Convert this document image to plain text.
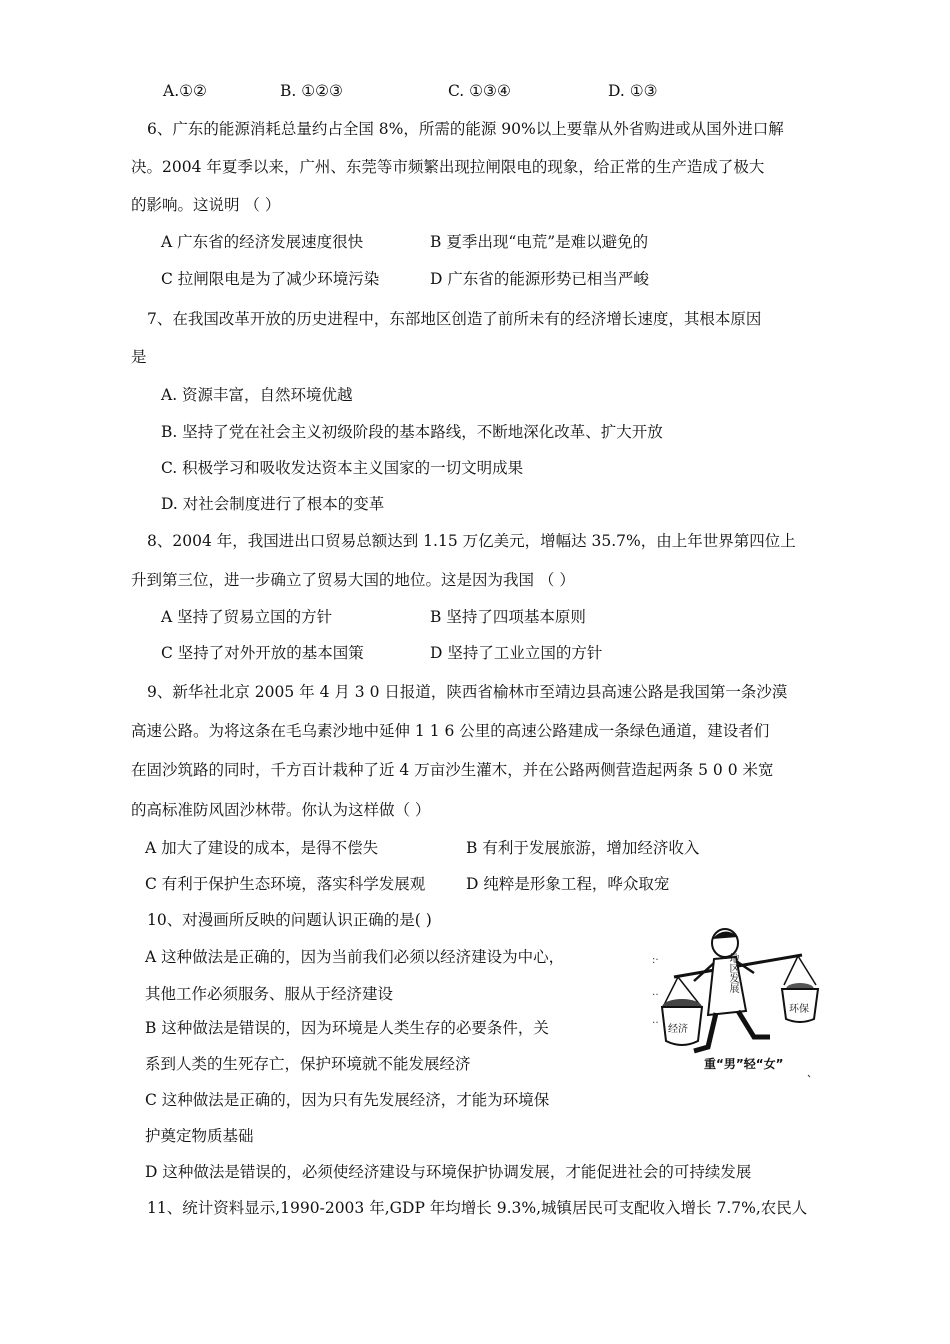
A.①②	B. ①②③	C. ①③④	D. ①③
6、广东的能源消耗总量约占全国 8%，所需的能源 90%以上要靠从外省购进或从国外进口解
决。2004 年夏季以来，广州、东莞等市频繁出现拉闸限电的现象，给正常的生产造成了极大
的影响。这说明 （ ）
A 广东省的经济发展速度很快	B 夏季出现“电荒”是难以避免的
C 拉闸限电是为了减少环境污染	D 广东省的能源形势已相当严峻
7、在我国改革开放的历史进程中，东部地区创造了前所未有的经济增长速度，其根本原因
是
A. 资源丰富，自然环境优越
B. 坚持了党在社会主义初级阶段的基本路线，不断地深化改革、扩大开放
C. 积极学习和吸收发达资本主义国家的一切文明成果
D. 对社会制度进行了根本的变革
8、2004 年，我国进出口贸易总额达到 1.15 万亿美元，增幅达 35.7%，由上年世界第四位上
升到第三位，进一步确立了贸易大国的地位。这是因为我国 （ ）
A 坚持了贸易立国的方针	B 坚持了四项基本原则
C 坚持了对外开放的基本国策	D 坚持了工业立国的方针
9、新华社北京 2005 年 4 月 3 0 日报道，陕西省榆林市至靖边县高速公路是我国第一条沙漠
高速公路。为将这条在毛乌素沙地中延伸 1 1 6 公里的高速公路建成一条绿色通道，建设者们
在固沙筑路的同时，千方百计栽种了近 4 万亩沙生灌木，并在公路两侧营造起两条 5 0 0 米宽
的高标准防风固沙林带。你认为这样做（ ）
A 加大了建设的成本，是得不偿失	B 有利于发展旅游，增加经济收入
C 有利于保护生态环境，落实科学发展观	D 纯粹是形象工程，哗众取宠
10、对漫画所反映的问题认识正确的是( )
A 这种做法是正确的，因为当前我们必须以经济建设为中心，
其他工作必须服务、服从于经济建设
B 这种做法是错误的，因为环境是人类生存的必要条件，关
系到人类的生死存亡，保护环境就不能发展经济
C 这种做法是正确的，因为只有先发展经济，才能为环境保
护奠定物质基础
D 这种做法是错误的，必须使经济建设与环境保护协调发展，才能促进社会的可持续发展
:·
‥
‥
地区发展
经济
环保
重“男”轻“女”
11、统计资料显示,1990-2003 年,GDP 年均增长 9.3%,城镇居民可支配收入增长 7.7%,农民人
